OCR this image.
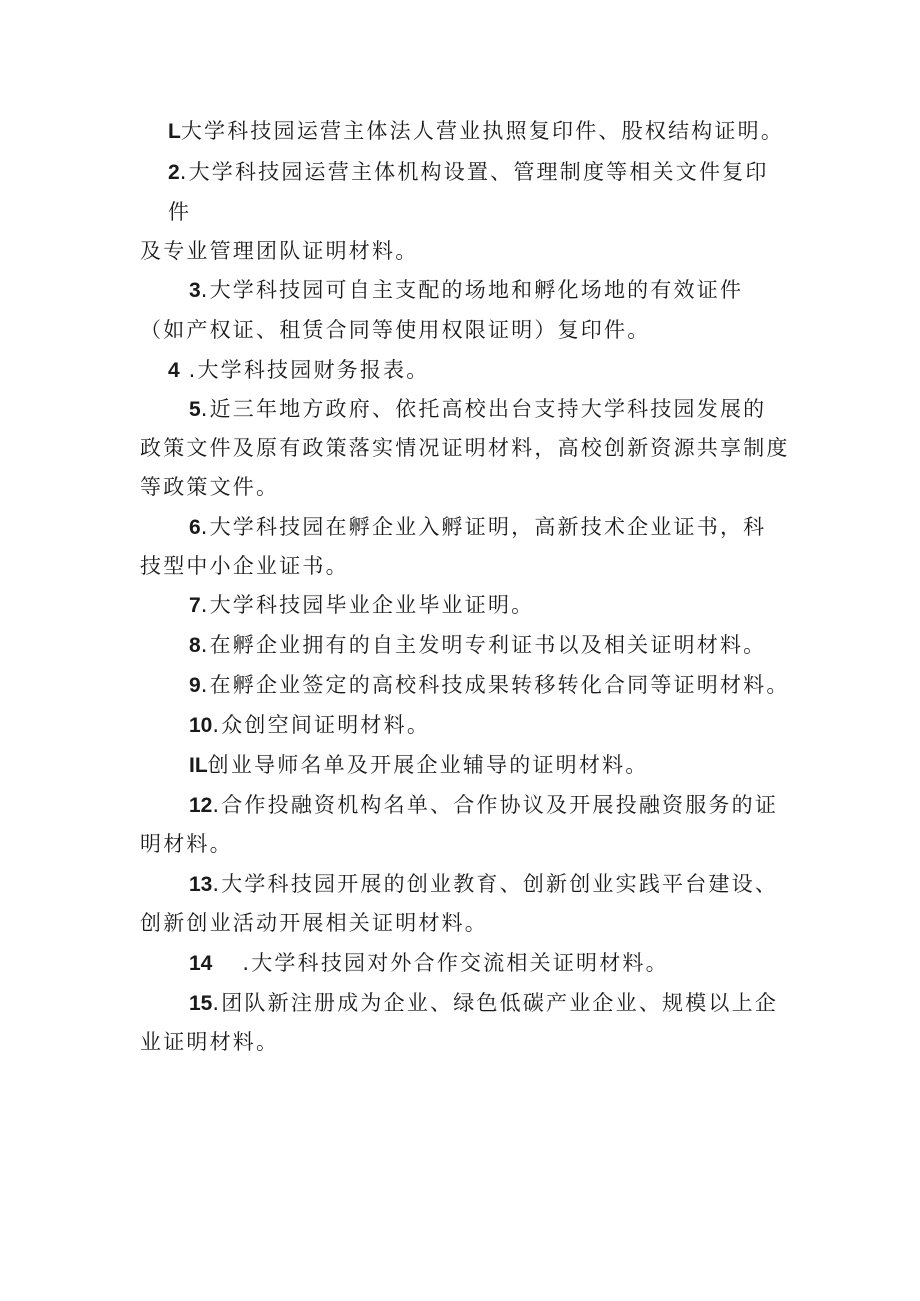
L大学科技园运营主体法人营业执照复印件、股权结构证明。
2.大学科技园运营主体机构设置、管理制度等相关文件复印
件
及专业管理团队证明材料。
3.大学科技园可自主支配的场地和孵化场地的有效证件
（如产权证、租赁合同等使用权限证明）复印件。
4 .大学科技园财务报表。
5.近三年地方政府、依托高校出台支持大学科技园发展的
政策文件及原有政策落实情况证明材料，高校创新资源共享制度
等政策文件。
6.大学科技园在孵企业入孵证明，高新技术企业证书，科
技型中小企业证书。
7.大学科技园毕业企业毕业证明。
8.在孵企业拥有的自主发明专利证书以及相关证明材料。
9.在孵企业签定的高校科技成果转移转化合同等证明材料。
10.众创空间证明材料。
IL创业导师名单及开展企业辅导的证明材料。
12.合作投融资机构名单、合作协议及开展投融资服务的证
明材料。
13.大学科技园开展的创业教育、创新创业实践平台建设、
创新创业活动开展相关证明材料。
14 .大学科技园对外合作交流相关证明材料。
15.团队新注册成为企业、绿色低碳产业企业、规模以上企
业证明材料。
